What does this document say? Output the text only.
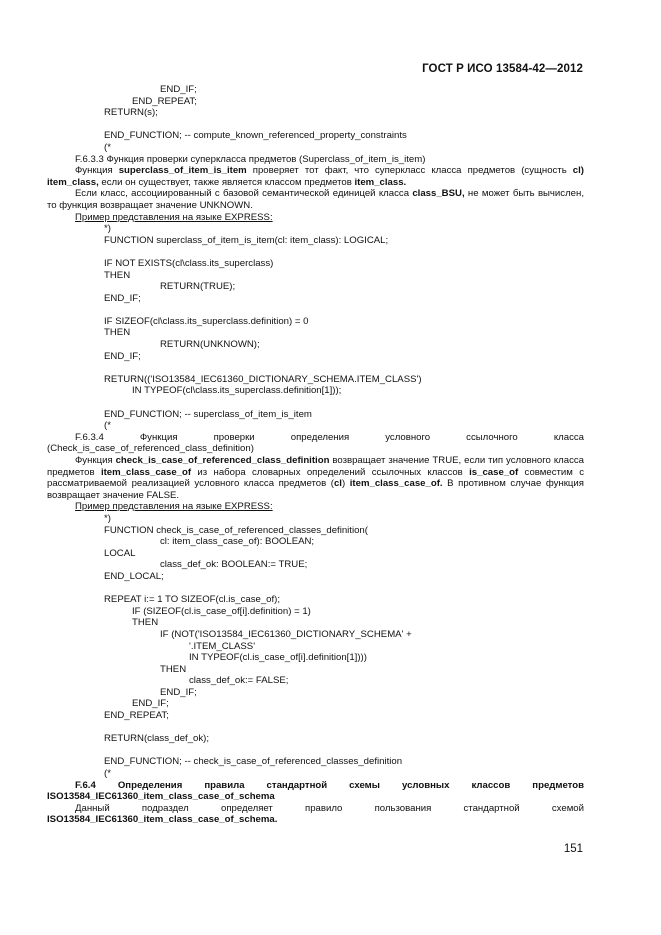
ГОСТ Р ИСО 13584-42—2012
END_IF;
END_REPEAT;
RETURN(s);
END_FUNCTION; -- compute_known_referenced_property_constraints
(*
F.6.3.3 Функция проверки суперкласса предметов (Superclass_of_item_is_item)
Функция superclass_of_item_is_item проверяет тот факт, что суперкласс класса предметов (сущность cl) item_class, если он существует, также является классом предметов item_class.
Если класс, ассоциированный с базовой семантической единицей класса class_BSU, не может быть вычислен, то функция возвращает значение UNKNOWN.
Пример представления на языке EXPRESS:
*)
FUNCTION superclass_of_item_is_item(cl: item_class): LOGICAL;
IF NOT EXISTS(cl\class.its_superclass)
THEN
RETURN(TRUE);
END_IF;
IF SIZEOF(cl\class.its_superclass.definition) = 0
THEN
RETURN(UNKNOWN);
END_IF;
RETURN(('ISO13584_IEC61360_DICTIONARY_SCHEMA.ITEM_CLASS')
IN TYPEOF(cl\class.its_superclass.definition[1]));
END_FUNCTION; -- superclass_of_item_is_item
(*
F.6.3.4 Функция проверки определения условного ссылочного класса (Check_is_case_of_referenced_class_definition)
Функция check_is_case_of_referenced_class_definition возвращает значение TRUE, если тип условного класса предметов item_class_case_of из набора словарных определений ссылочных классов is_case_of совместим с рассматриваемой реализацией условного класса предметов (cl) item_class_case_of. В противном случае функция возвращает значение FALSE.
Пример представления на языке EXPRESS:
*)
FUNCTION check_is_case_of_referenced_classes_definition(
cl: item_class_case_of): BOOLEAN;
LOCAL
class_def_ok: BOOLEAN:= TRUE;
END_LOCAL;
REPEAT i:= 1 TO SIZEOF(cl.is_case_of);
IF (SIZEOF(cl.is_case_of[i].definition) = 1)
THEN
IF (NOT('ISO13584_IEC61360_DICTIONARY_SCHEMA' +
'.ITEM_CLASS'
IN TYPEOF(cl.is_case_of[i].definition[1])))
THEN
class_def_ok:= FALSE;
END_IF;
END_IF;
END_REPEAT;
RETURN(class_def_ok);
END_FUNCTION; -- check_is_case_of_referenced_classes_definition
(*
F.6.4 Определения правила стандартной схемы условных классов предметов ISO13584_IEC61360_item_class_case_of_schema
Данный подраздел определяет правило пользования стандартной схемой ISO13584_IEC61360_item_class_case_of_schema.
151
